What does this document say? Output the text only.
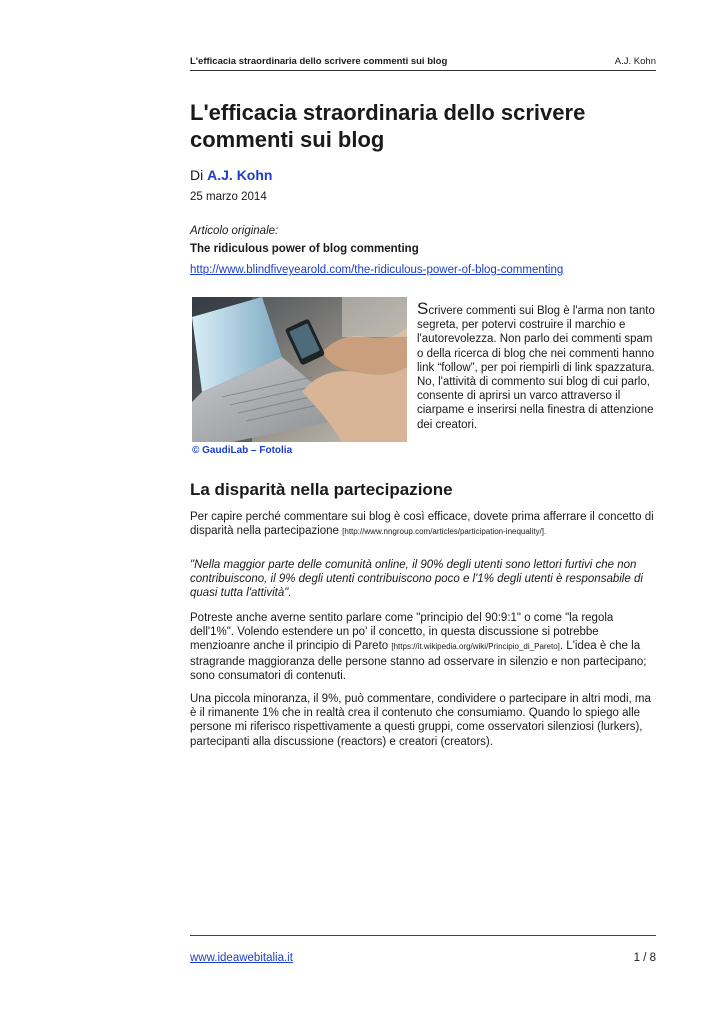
L'efficacia straordinaria dello scrivere commenti sui blog	A.J. Kohn
L'efficacia straordinaria dello scrivere
commenti sui blog
Di A.J. Kohn
25 marzo 2014
Articolo originale:
The ridiculous power of blog commenting
http://www.blindfiveyearold.com/the-ridiculous-power-of-blog-commenting
© GaudiLab – Fotolia

Scrivere commenti sui Blog è l'arma non tanto segreta, per potervi costruire il marchio e l'autorevolezza. Non parlo dei commenti spam o della ricerca di blog che nei commenti hanno link “follow”, per poi riempirli di link spazzatura. No, l'attività di commento sui blog di cui parlo, consente di aprirsi un varco attraverso il ciarpame e inserirsi nella finestra di attenzione dei creatori.

La disparità nella partecipazione

Per capire perché commentare sui blog è così efficace, dovete prima afferrare il concetto di disparità nella partecipazione [http://www.nngroup.com/articles/participation-inequality/].

"Nella maggior parte delle comunità online, il 90% degli utenti sono lettori furtivi che non contribuiscono, il 9% degli utenti contribuiscono poco e l'1% degli utenti è responsabile di quasi tutta l'attività".

Potreste anche averne sentito parlare come "principio del 90:9:1" o come "la regola dell'1%". Volendo estendere un po' il concetto, in questa discussione si potrebbe menzioanre anche il principio di Pareto [https://it.wikipedia.org/wiki/Principio_di_Pareto]. L'idea è che la stragrande maggioranza delle persone stanno ad osservare in silenzio e non partecipano; sono consumatori di contenuti.

Una piccola minoranza, il 9%, può commentare, condividere o partecipare in altri modi, ma è il rimanente 1% che in realtà crea il contenuto che consumiamo. Quando lo spiego alle persone mi riferisco rispettivamente a questi gruppi, come osservatori silenziosi (lurkers), partecipanti alla discussione (reactors) e creatori (creators).

www.ideawebitalia.it	1 / 8
